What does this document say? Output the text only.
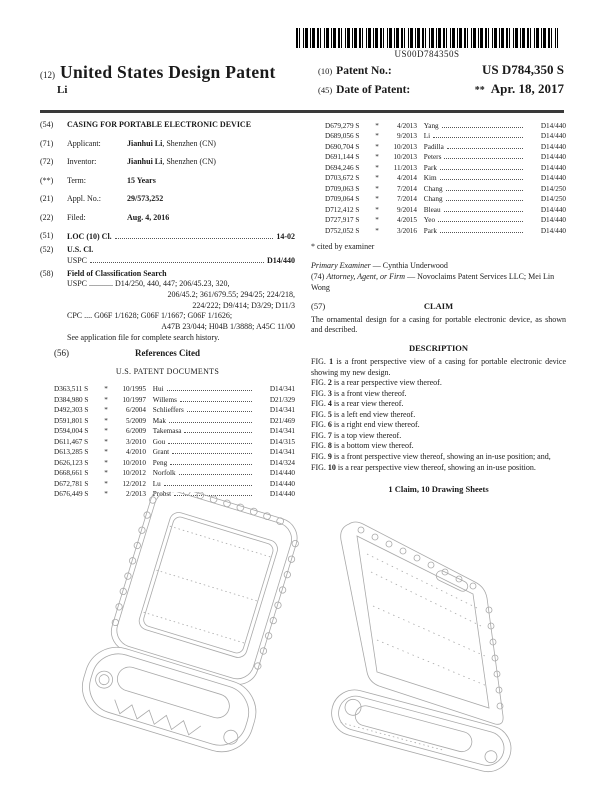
US00D784350S
(12) United States Design Patent
Li
(10) Patent No.:	US D784,350 S
(45) Date of Patent:	** Apr. 18, 2017
(54)	CASING FOR PORTABLE ELECTRONIC DEVICE
(71)	Applicant:	Jianhui Li, Shenzhen (CN)
(72)	Inventor:	Jianhui Li, Shenzhen (CN)
(**)	Term:	15 Years
(21)	Appl. No.:	29/573,252
(22)	Filed:	Aug. 4, 2016
(51)	LOC (10) Cl.	14-02
(52)	U.S. Cl.
USPC	D14/440
(58)	Field of Classification Search
USPC ............ D14/250, 440, 447; 206/45.23, 320,
206/45.2; 361/679.55; 294/25; 224/218,
224/222; D9/414; D3/29; D11/3
CPC .... G06F 1/1628; G06F 1/1667; G06F 1/1626;
A47B 23/044; H04B 1/3888; A45C 11/00
See application file for complete search history.
(56)	References Cited
U.S. PATENT DOCUMENTS
D363,511 S	*	10/1995 Hui	D14/341
D384,980 S	*	10/1997 Willems	D21/329
D492,303 S	*	6/2004 Schlieffers	D14/341
D591,801 S	*	5/2009 Mak	D21/469
D594,004 S	*	6/2009 Takemasa	D14/341
D611,467 S	*	3/2010 Gou	D14/315
D613,285 S	*	4/2010 Grant	D14/341
D626,123 S	*	10/2010 Peng	D14/324
D668,661 S	*	10/2012 Norfolk	D14/440
D672,781 S	*	12/2012 Lu	D14/440
D676,449 S	*	2/2013 Probst	D14/440
D679,279 S	*	4/2013 Yang	D14/440
D689,056 S	*	9/2013 Li	D14/440
D690,704 S	*	10/2013 Padilla	D14/440
D691,144 S	*	10/2013 Peters	D14/440
D694,246 S	*	11/2013 Park	D14/440
D703,672 S	*	4/2014 Kim	D14/440
D709,063 S	*	7/2014 Chang	D14/250
D709,064 S	*	7/2014 Chang	D14/250
D712,412 S	*	9/2014 Bleau	D14/440
D727,917 S	*	4/2015 Yeo	D14/440
D752,052 S	*	3/2016 Park	D14/440
* cited by examiner
Primary Examiner — Cynthia Underwood
(74) Attorney, Agent, or Firm — Novoclaims Patent Services LLC; Mei Lin Wong
(57)	CLAIM
The ornamental design for a casing for portable electronic device, as shown and described.
DESCRIPTION
FIG. 1 is a front perspective view of a casing for portable electronic device showing my new design.
FIG. 2 is a rear perspective view thereof.
FIG. 3 is a front view thereof.
FIG. 4 is a rear view thereof.
FIG. 5 is a left end view thereof.
FIG. 6 is a right end view thereof.
FIG. 7 is a top view thereof.
FIG. 8 is a bottom view thereof.
FIG. 9 is a front perspective view thereof, showing an in-use position; and,
FIG. 10 is a rear perspective view thereof, showing an in-use position.
1 Claim, 10 Drawing Sheets
